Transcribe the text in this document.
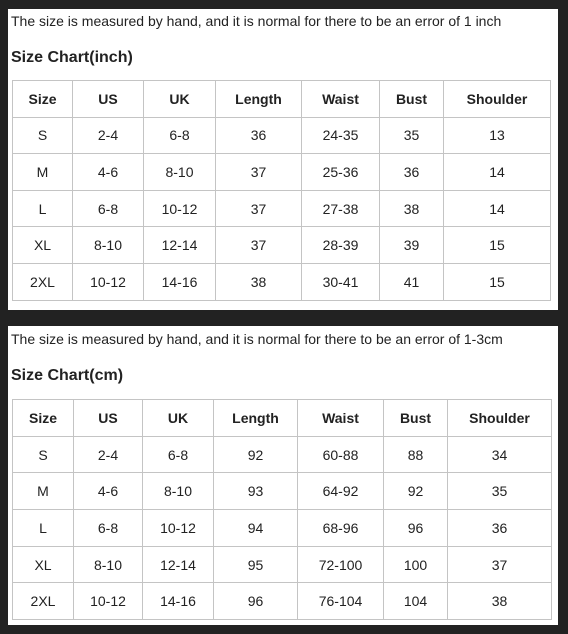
The size is measured by hand, and it is normal for there to be an error of 1 inch
Size Chart(inch)
Size	US	UK	Length	Waist	Bust	Shoulder
S	2-4	6-8	36	24-35	35	13
M	4-6	8-10	37	25-36	36	14
L	6-8	10-12	37	27-38	38	14
XL	8-10	12-14	37	28-39	39	15
2XL	10-12	14-16	38	30-41	41	15
The size is measured by hand, and it is normal for there to be an error of 1-3cm
Size Chart(cm)
Size	US	UK	Length	Waist	Bust	Shoulder
S	2-4	6-8	92	60-88	88	34
M	4-6	8-10	93	64-92	92	35
L	6-8	10-12	94	68-96	96	36
XL	8-10	12-14	95	72-100	100	37
2XL	10-12	14-16	96	76-104	104	38
